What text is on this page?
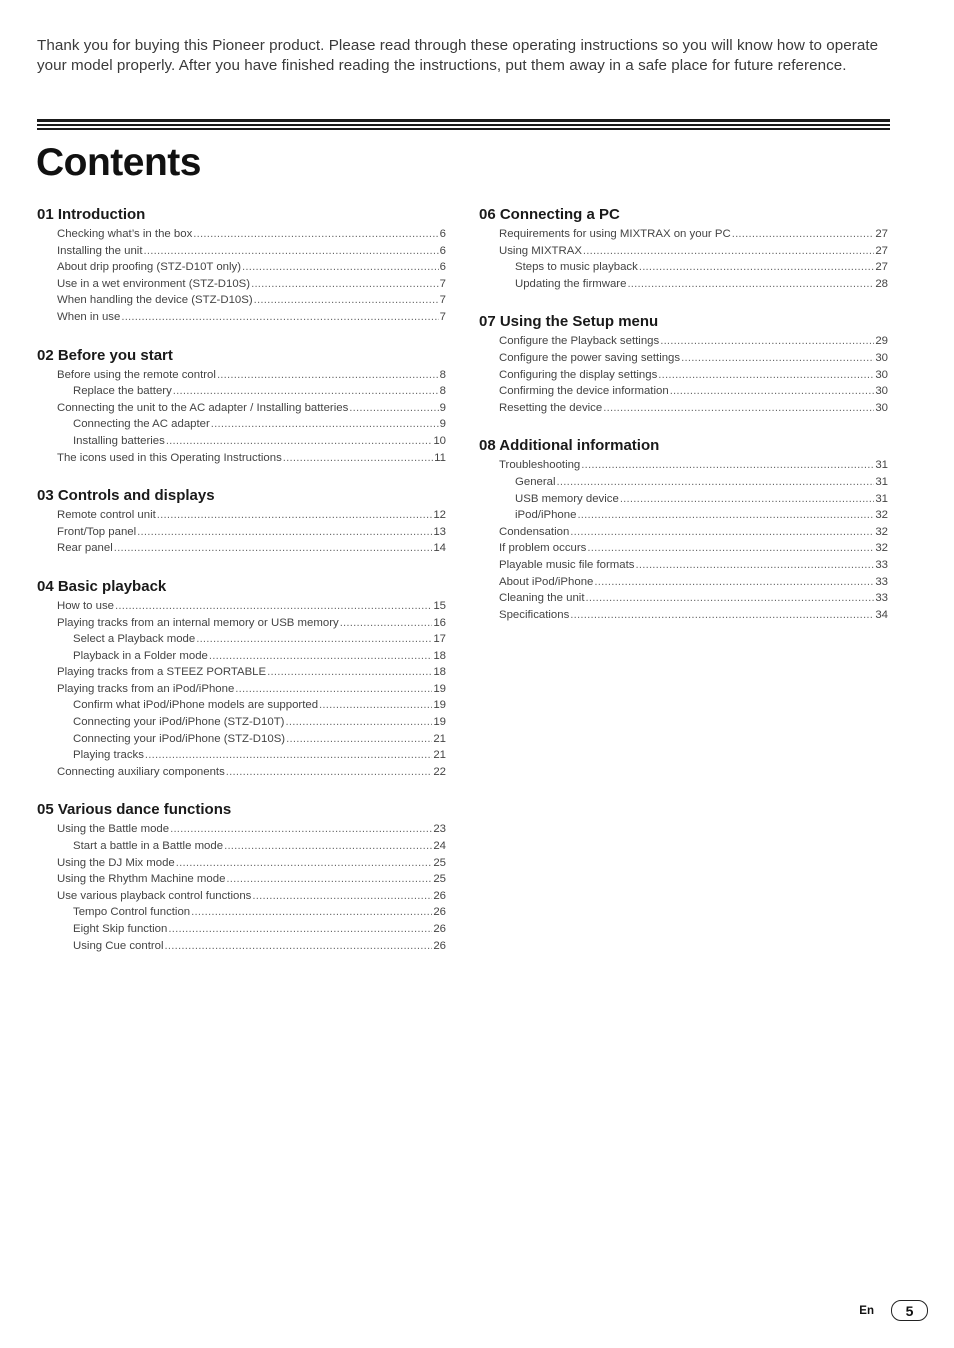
Thank you for buying this Pioneer product. Please read through these operating instructions so you will know how to operate your model properly. After you have finished reading the instructions, put them away in a safe place for future reference.

Contents
01 Introduction
Checking what’s in the box .....	6
Installing the unit .....	6
About drip proofing (STZ-D10T only) .....	6
Use in a wet environment (STZ-D10S) .....	7
When handling the device (STZ-D10S) .....	7
When in use .....	7
02 Before you start
Before using the remote control .....	8
Replace the battery .....	8
Connecting the unit to the AC adapter / Installing batteries .....	9
Connecting the AC adapter .....	9
Installing batteries .....	10
The icons used in this Operating Instructions .....	11
03 Controls and displays
Remote control unit .....	12
Front/Top panel .....	13
Rear panel .....	14
04 Basic playback
How to use .....	15
Playing tracks from an internal memory or USB memory .....	16
Select a Playback mode .....	17
Playback in a Folder mode .....	18
Playing tracks from a STEEZ PORTABLE .....	18
Playing tracks from an iPod/iPhone .....	19
Confirm what iPod/iPhone models are supported .....	19
Connecting your iPod/iPhone (STZ-D10T) .....	19
Connecting your iPod/iPhone (STZ-D10S) .....	21
Playing tracks .....	21
Connecting auxiliary components .....	22
05 Various dance functions
Using the Battle mode .....	23
Start a battle in a Battle mode .....	24
Using the DJ Mix mode .....	25
Using the Rhythm Machine mode .....	25
Use various playback control functions .....	26
Tempo Control function .....	26
Eight Skip function .....	26
Using Cue control .....	26
06 Connecting a PC
Requirements for using MIXTRAX on your PC .....	27
Using MIXTRAX .....	27
Steps to music playback .....	27
Updating the firmware .....	28
07 Using the Setup menu
Configure the Playback settings .....	29
Configure the power saving settings .....	30
Configuring the display settings .....	30
Confirming the device information .....	30
Resetting the device .....	30
08 Additional information
Troubleshooting .....	31
General .....	31
USB memory device .....	31
iPod/iPhone .....	32
Condensation .....	32
If problem occurs .....	32
Playable music file formats .....	33
About iPod/iPhone .....	33
Cleaning the unit .....	33
Specifications .....	34
En	5
